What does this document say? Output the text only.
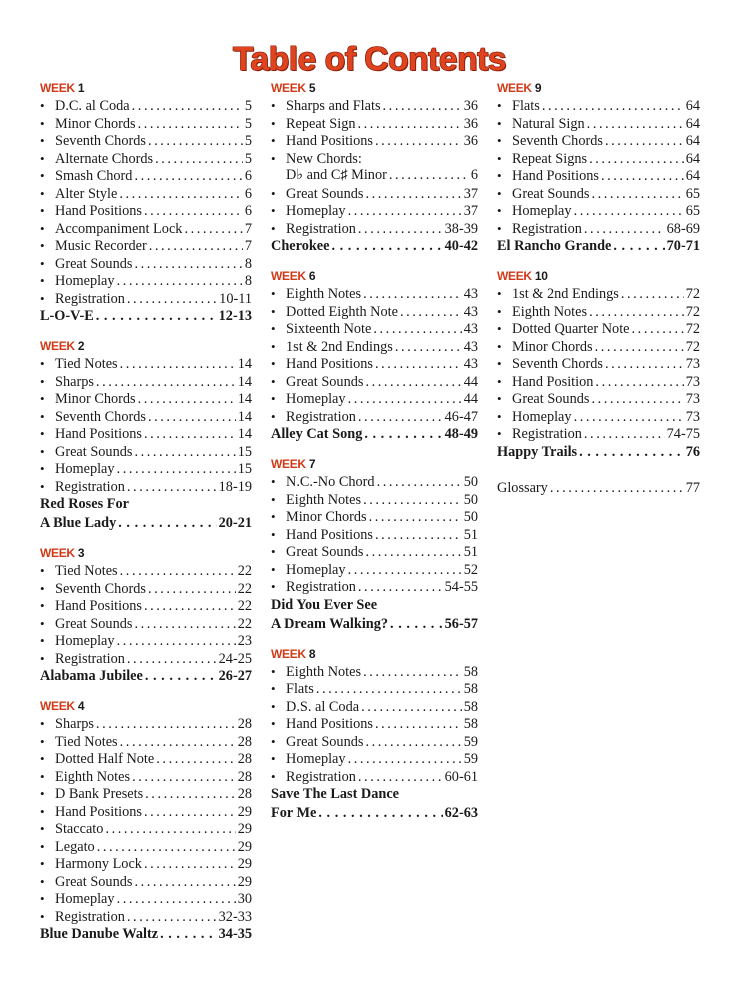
Table of Contents
WEEK 1
• D.C. al Coda . . .	5
• Minor Chords . . .	5
• Seventh Chords . . .	5
• Alternate Chords . . .	5
• Smash Chord . . .	6
• Alter Style . . .	6
• Hand Positions . . .	6
• Accompaniment Lock . . .	7
• Music Recorder . . .	7
• Great Sounds . . .	8
• Homeplay . . .	8
• Registration . . .	10-11
L-O-V-E . . .	12-13
WEEK 2
• Tied Notes . . .	14
• Sharps . . .	14
• Minor Chords . . .	14
• Seventh Chords . . .	14
• Hand Positions . . .	14
• Great Sounds . . .	15
• Homeplay . . .	15
• Registration . . .	18-19
Red Roses For
A Blue Lady . . .	20-21
WEEK 3
• Tied Notes . . .	22
• Seventh Chords . . .	22
• Hand Positions . . .	22
• Great Sounds . . .	22
• Homeplay . . .	23
• Registration . . .	24-25
Alabama Jubilee . . .	26-27
WEEK 4
• Sharps . . .	28
• Tied Notes . . .	28
• Dotted Half Note . . .	28
• Eighth Notes . . .	28
• D Bank Presets . . .	28
• Hand Positions . . .	29
• Staccato . . .	29
• Legato . . .	29
• Harmony Lock . . .	29
• Great Sounds . . .	29
• Homeplay . . .	30
• Registration . . .	32-33
Blue Danube Waltz . . .	34-35
WEEK 5
• Sharps and Flats . . .	36
• Repeat Sign . . .	36
• Hand Positions . . .	36
• New Chords:
D♭ and C♯ Minor . . .	6
• Great Sounds . . .	37
• Homeplay . . .	37
• Registration . . .	38-39
Cherokee . . .	40-42
WEEK 6
• Eighth Notes . . .	43
• Dotted Eighth Note . . .	43
• Sixteenth Note . . .	43
• 1st & 2nd Endings . . .	43
• Hand Positions . . .	43
• Great Sounds . . .	44
• Homeplay . . .	44
• Registration . . .	46-47
Alley Cat Song . . .	48-49
WEEK 7
• N.C.-No Chord . . .	50
• Eighth Notes . . .	50
• Minor Chords . . .	50
• Hand Positions . . .	51
• Great Sounds . . .	51
• Homeplay . . .	52
• Registration . . .	54-55
Did You Ever See
A Dream Walking? . . .	56-57
WEEK 8
• Eighth Notes . . .	58
• Flats . . .	58
• D.S. al Coda . . .	58
• Hand Positions . . .	58
• Great Sounds . . .	59
• Homeplay . . .	59
• Registration . . .	60-61
Save The Last Dance
For Me . . .	62-63
WEEK 9
• Flats . . .	64
• Natural Sign . . .	64
• Seventh Chords . . .	64
• Repeat Signs . . .	64
• Hand Positions . . .	64
• Great Sounds . . .	65
• Homeplay . . .	65
• Registration . . .	68-69
El Rancho Grande . . .	70-71
WEEK 10
• 1st & 2nd Endings . . .	72
• Eighth Notes . . .	72
• Dotted Quarter Note . . .	72
• Minor Chords . . .	72
• Seventh Chords . . .	73
• Hand Position . . .	73
• Great Sounds . . .	73
• Homeplay . . .	73
• Registration . . .	74-75
Happy Trails . . .	76
Glossary . . .	77
